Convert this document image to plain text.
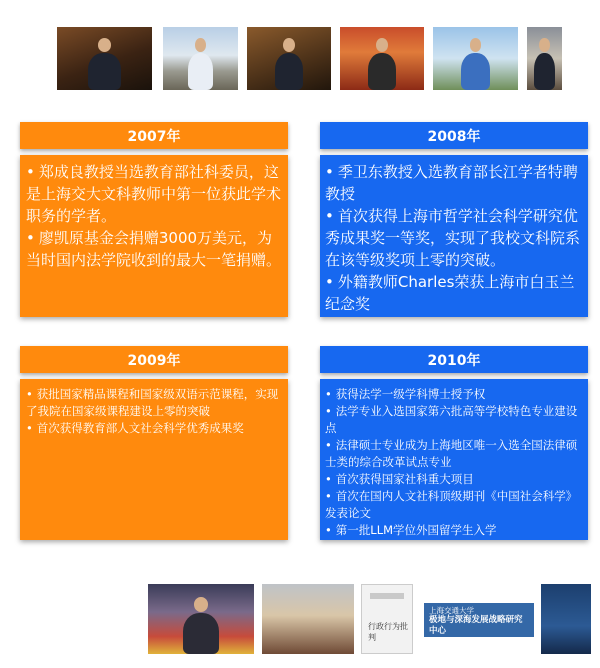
2007年
• 郑成良教授当选教育部社科委员，这是上海交大文科教师中第一位获此学术职务的学者。
• 廖凯原基金会捐赠3000万美元，为当时国内法学院收到的最大一笔捐赠。
2008年
• 季卫东教授入选教育部长江学者特聘教授
• 首次获得上海市哲学社会科学研究优秀成果奖一等奖，实现了我校文科院系在该等级奖项上零的突破。
• 外籍教师Charles荣获上海市白玉兰纪念奖
2009年
• 获批国家精品课程和国家级双语示范课程，实现了我院在国家级课程建设上零的突破
• 首次获得教育部人文社会科学优秀成果奖
2010年
• 获得法学一级学科博士授予权
• 法学专业入选国家第六批高等学校特色专业建设点
• 法律硕士专业成为上海地区唯一入选全国法律硕士类的综合改革试点专业
• 首次获得国家社科重大项目
• 首次在国内人文社科顶级期刊《中国社会科学》发表论文
• 第一批LLM学位外国留学生入学
行政行为批判
上海交通大学
极地与深海发展战略研究中心
